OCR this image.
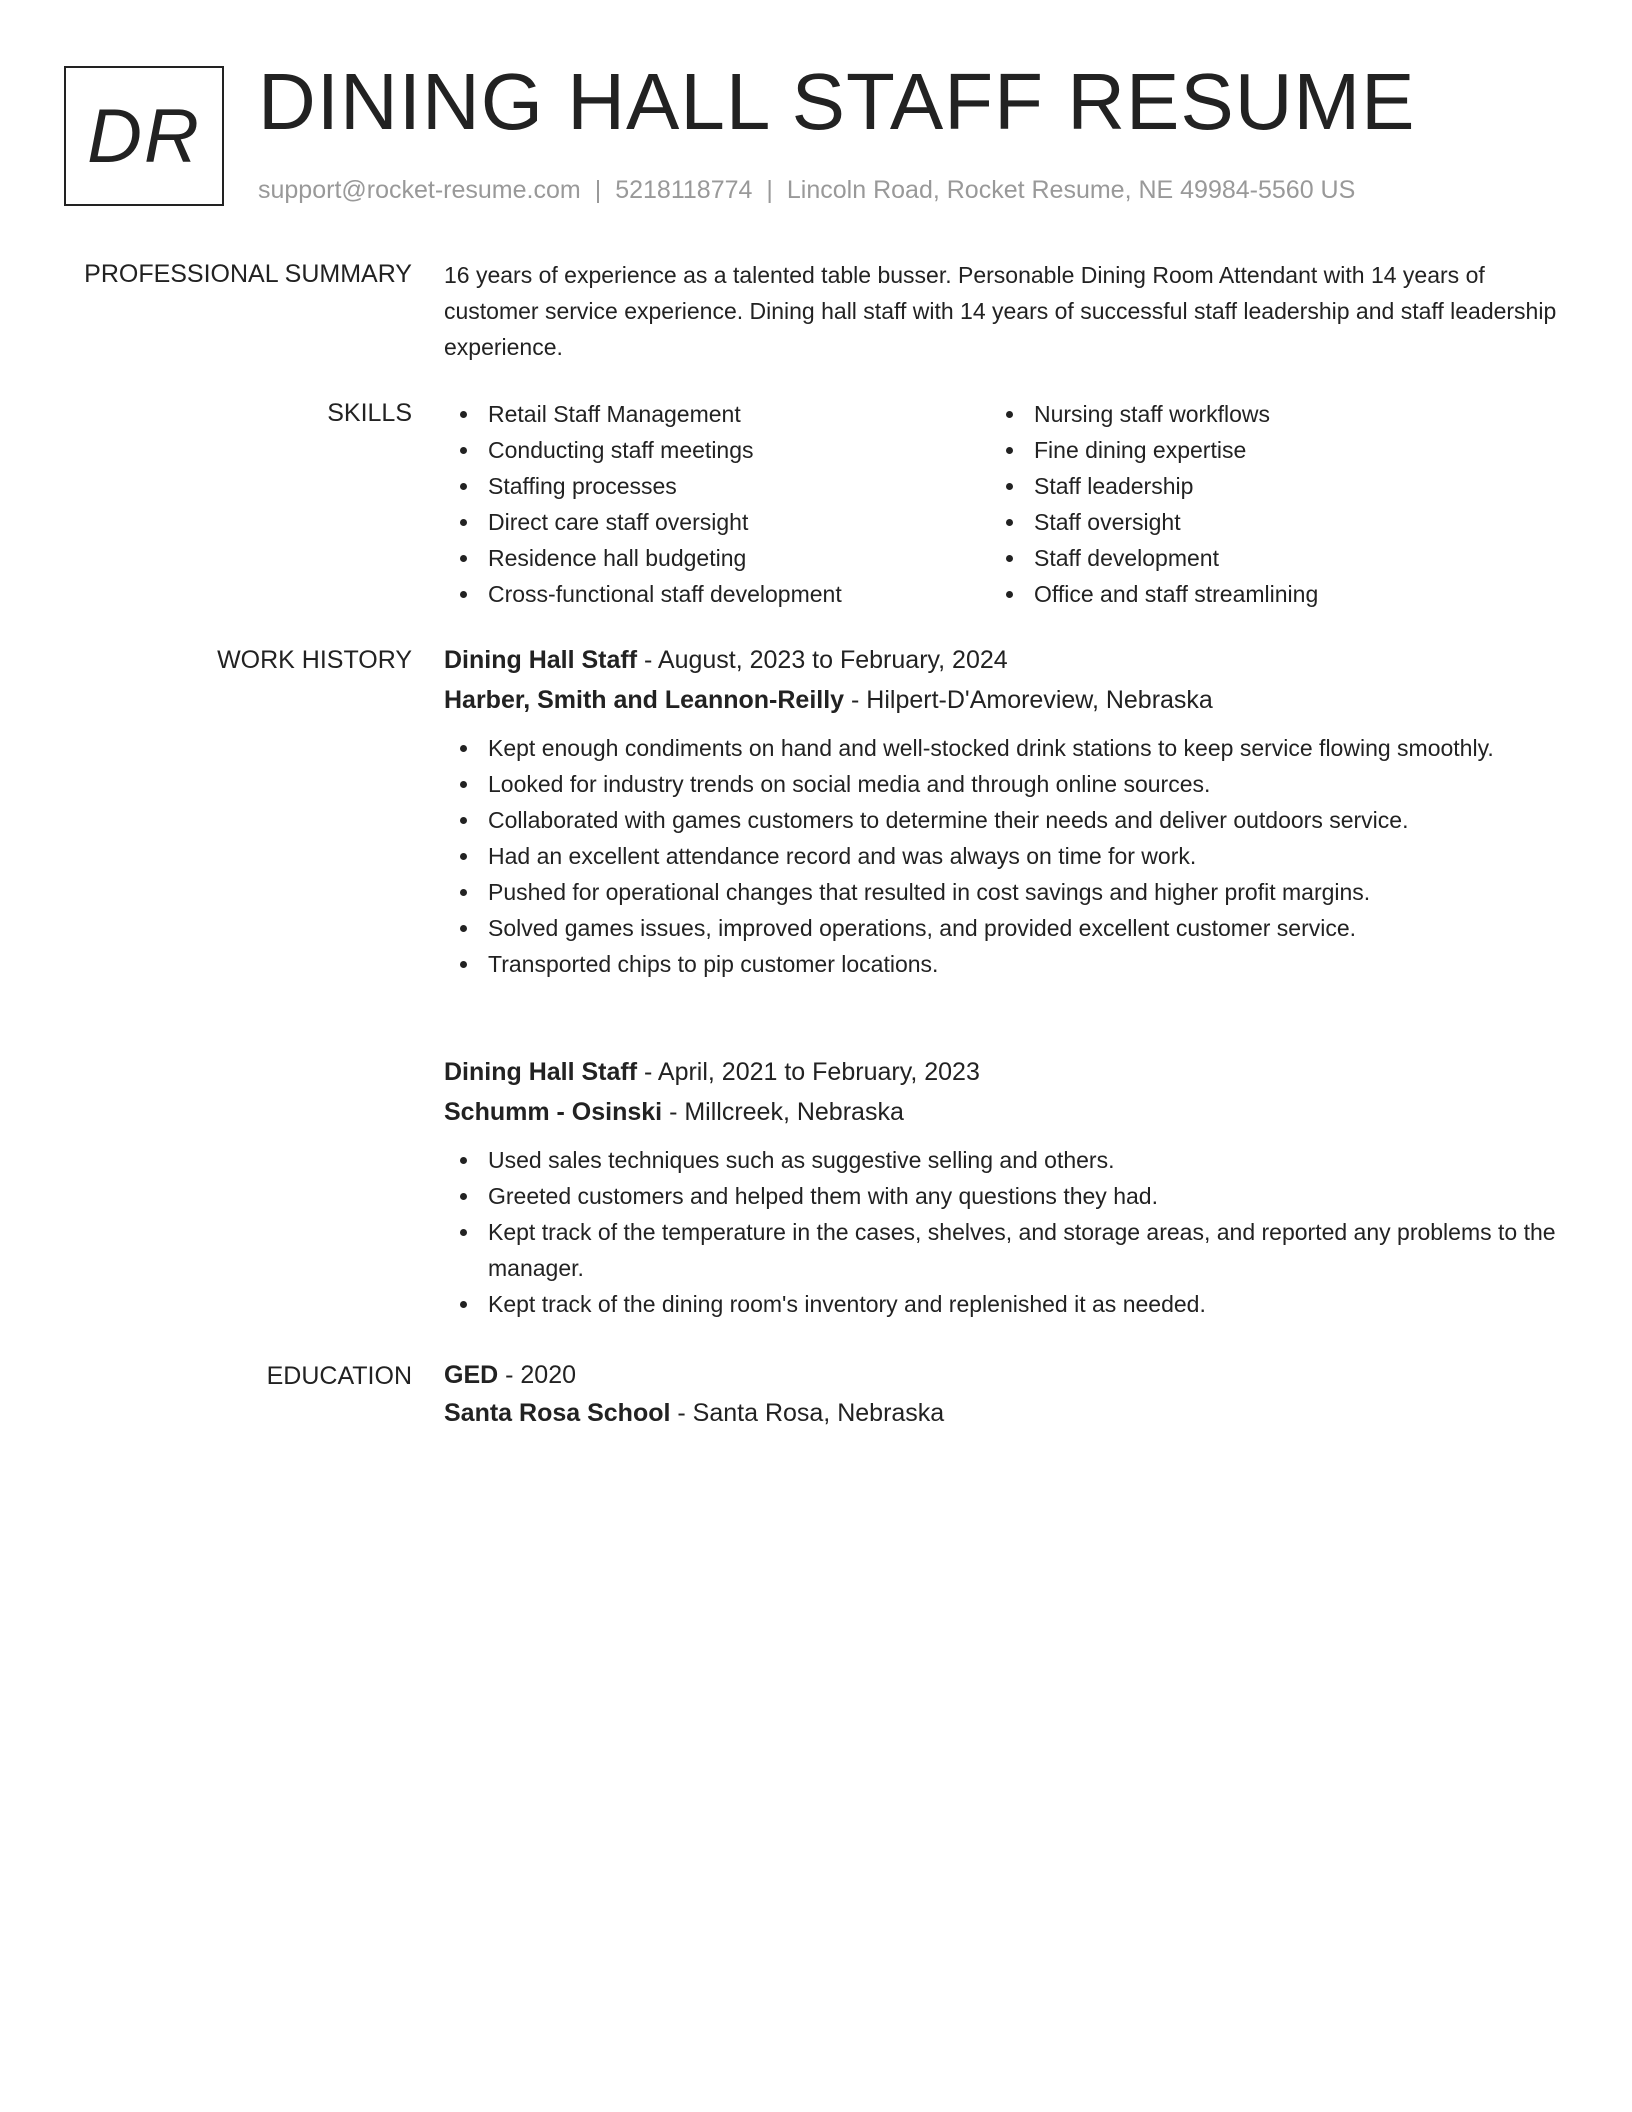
DR DINING HALL STAFF RESUME
support@rocket-resume.com | 5218118774 | Lincoln Road, Rocket Resume, NE 49984-5560 US
PROFESSIONAL SUMMARY 16 years of experience as a talented table busser. Personable Dining Room Attendant with 14 years of customer service experience. Dining hall staff with 14 years of successful staff leadership and staff leadership experience.

SKILLS	Retail Staff Management
Conducting staff meetings
Staffing processes
Direct care staff oversight
Residence hall budgeting
Cross-functional staff development
Nursing staff workflows
Fine dining expertise
Staff leadership
Staff oversight
Staff development
Office and staff streamlining
WORK HISTORY Dining Hall Staff - August, 2023 to February, 2024
Harber, Smith and Leannon-Reilly - Hilpert-D'Amoreview, Nebraska
Kept enough condiments on hand and well-stocked drink stations to keep service flowing smoothly.
Looked for industry trends on social media and through online sources.
Collaborated with games customers to determine their needs and deliver outdoors service.
Had an excellent attendance record and was always on time for work.
Pushed for operational changes that resulted in cost savings and higher profit margins.
Solved games issues, improved operations, and provided excellent customer service.
Transported chips to pip customer locations.
Dining Hall Staff - April, 2021 to February, 2023
Schumm - Osinski - Millcreek, Nebraska
Used sales techniques such as suggestive selling and others.
Greeted customers and helped them with any questions they had.
Kept track of the temperature in the cases, shelves, and storage areas, and reported any problems to the manager.
Kept track of the dining room's inventory and replenished it as needed.
EDUCATION GED - 2020
Santa Rosa School - Santa Rosa, Nebraska
